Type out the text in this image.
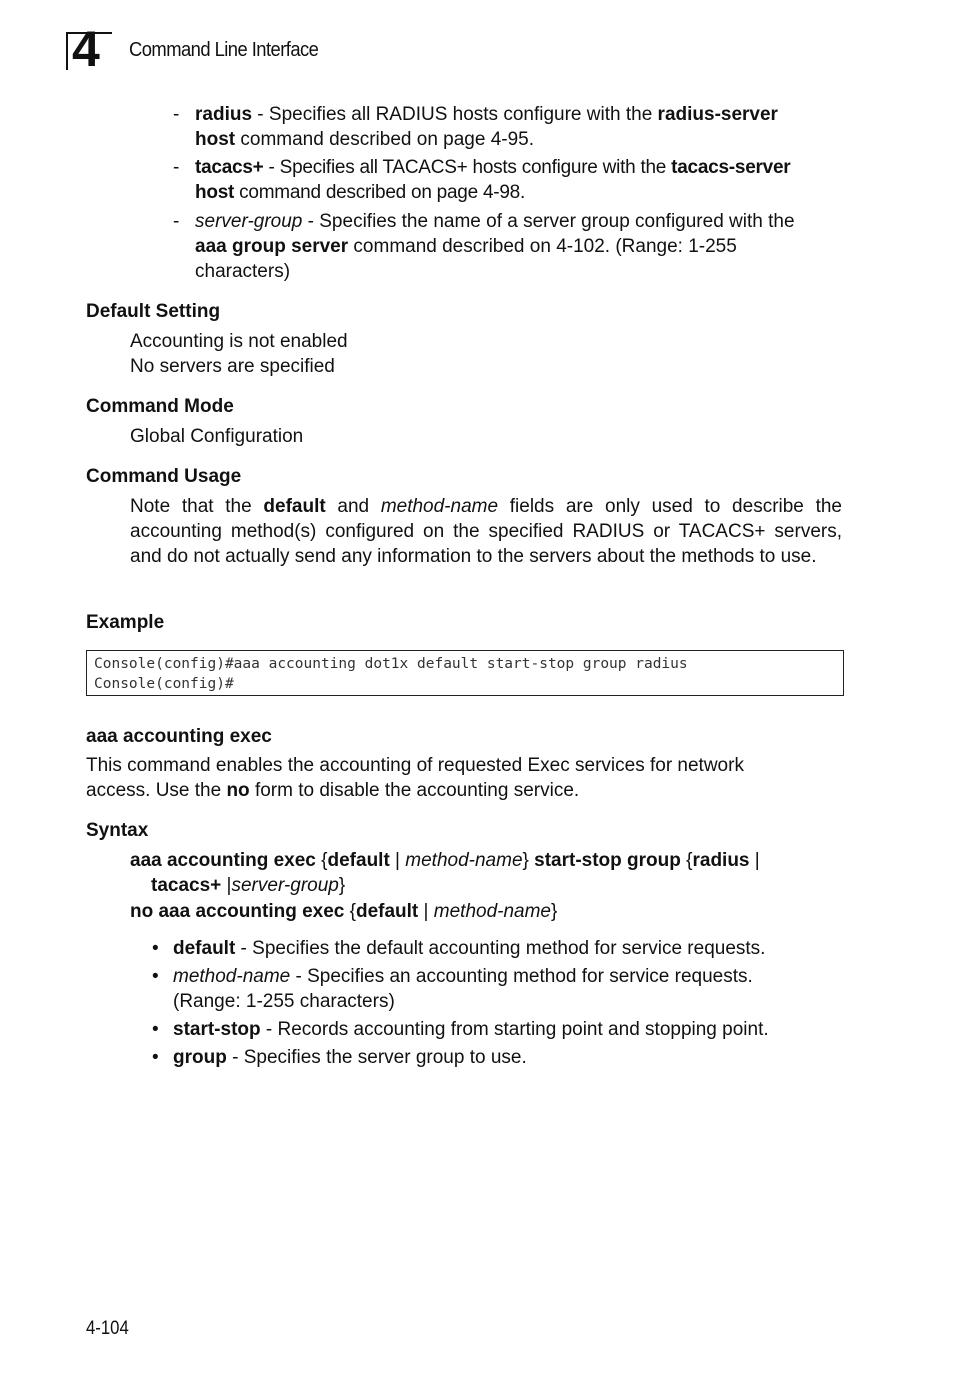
4 Command Line Interface
- radius - Specifies all RADIUS hosts configure with the radius-server
host command described on page 4-95.
- tacacs+ - Specifies all TACACS+ hosts configure with the tacacs-server
host command described on page 4-98.
- server-group - Specifies the name of a server group configured with the
aaa group server command described on 4-102. (Range: 1-255
characters)
Default Setting
Accounting is not enabled
No servers are specified
Command Mode
Global Configuration
Command Usage
Note that the default and method-name fields are only used to describe the accounting method(s) configured on the specified RADIUS or TACACS+ servers, and do not actually send any information to the servers about the methods to use.
Example
Console(config)#aaa accounting dot1x default start-stop group radius
Console(config)#
aaa accounting exec
This command enables the accounting of requested Exec services for network access. Use the no form to disable the accounting service.
Syntax
aaa accounting exec {default | method-name} start-stop group {radius |
tacacs+ |server-group}
no aaa accounting exec {default | method-name}
• default - Specifies the default accounting method for service requests.
• method-name - Specifies an accounting method for service requests.
(Range: 1-255 characters)
• start-stop - Records accounting from starting point and stopping point.
• group - Specifies the server group to use.
4-104
